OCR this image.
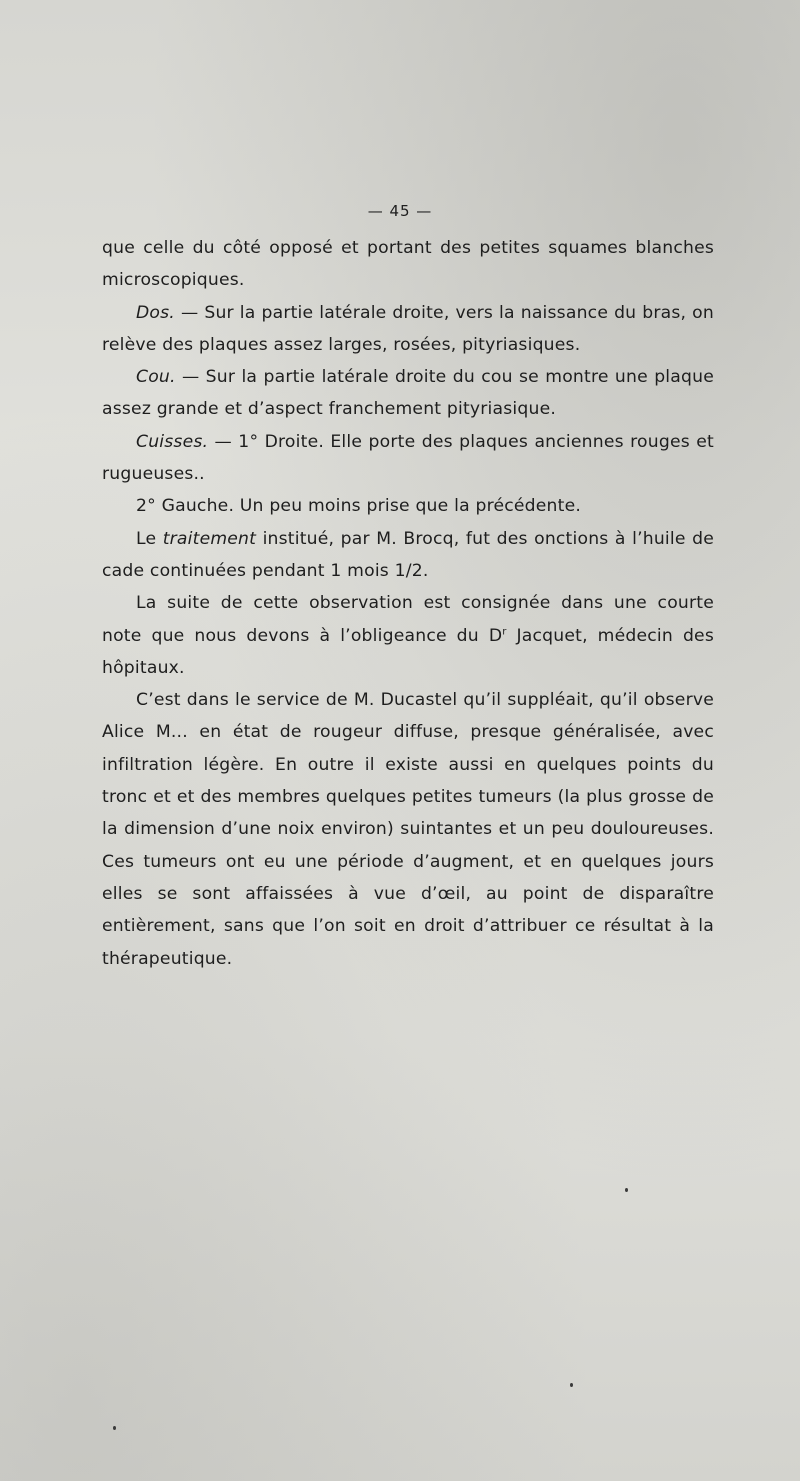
— 45 —

que celle du côté opposé et portant des petites squames blanches microscopiques.

Dos. — Sur la partie latérale droite, vers la naissance du bras, on relève des plaques assez larges, rosées, pityriasiques.

Cou. — Sur la partie latérale droite du cou se montre une plaque assez grande et d’aspect franchement pityriasique.

Cuisses. — 1° Droite. Elle porte des plaques anciennes rouges et rugueuses..

2° Gauche. Un peu moins prise que la précédente.

Le traitement institué, par M. Brocq, fut des onctions à l’huile de cade continuées pendant 1 mois 1/2.

La suite de cette observation est consignée dans une courte note que nous devons à l’obligeance du $D^r$ Jacquet, médecin des hôpitaux.

C’est dans le service de M. Ducastel qu’il suppléait, qu’il observe Alice M... en état de rougeur diffuse, presque généralisée, avec infiltration légère. En outre il existe aussi en quelques points du tronc et et des membres quelques petites tumeurs (la plus grosse de la dimension d’une noix environ) suintantes et un peu douloureuses. Ces tumeurs ont eu une période d’augment, et en quelques jours elles se sont affaissées à vue d’œil, au point de disparaître entièrement, sans que l’on soit en droit d’attribuer ce résultat à la thérapeutique.
